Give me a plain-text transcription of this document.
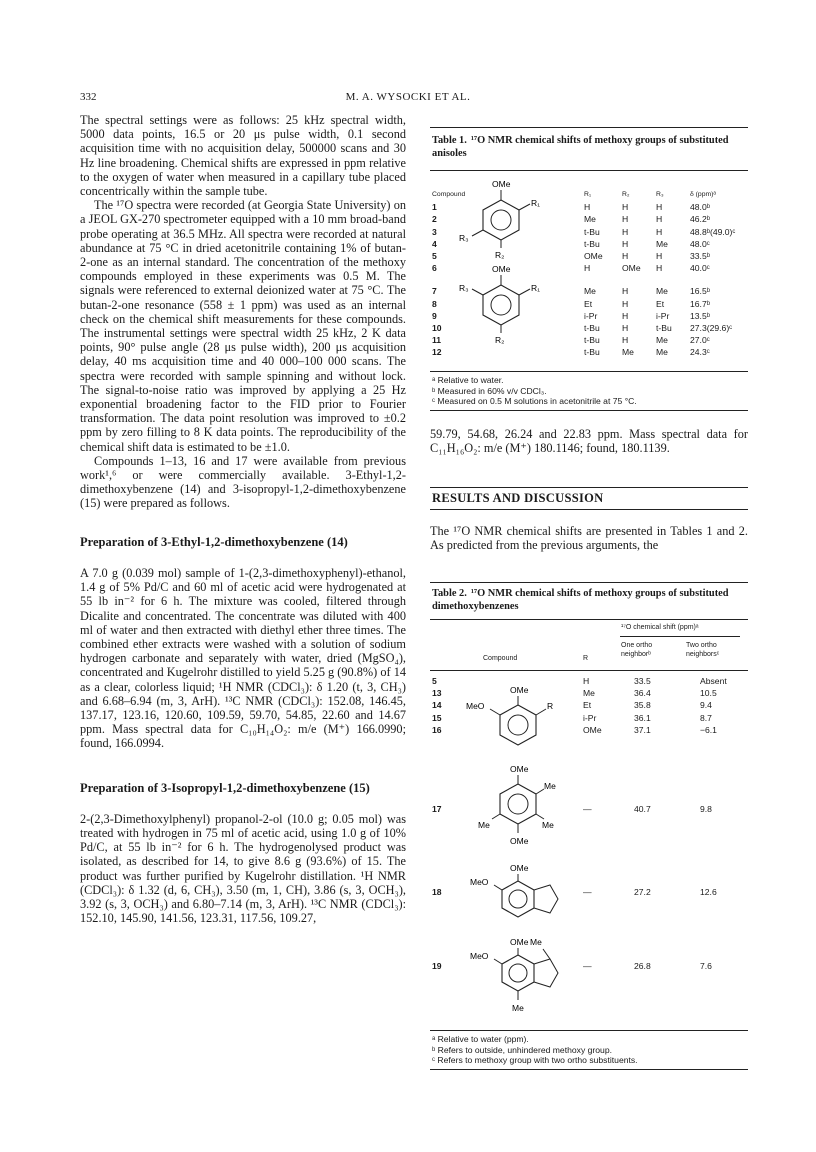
332	M. A. WYSOCKI ET AL.

The spectral settings were as follows: 25 kHz spectral width, 5000 data points, 16.5 or 20 μs pulse width, 0.1 second acquisition time with no acquisition delay, 500000 scans and 30 Hz line broadening. Chemical shifts are expressed in ppm relative to the oxygen of water when measured in a capillary tube placed concentrically within the sample tube.

The ¹⁷O spectra were recorded (at Georgia State University) on a JEOL GX-270 spectrometer equipped with a 10 mm broad-band probe operating at 36.5 MHz. All spectra were recorded at natural abundance at 75 °C in dried acetonitrile containing 1% of butan-2-one as an internal standard. The concentration of the methoxy compounds employed in these experiments was 0.5 M. The signals were referenced to external deionized water at 75 °C. The butan-2-one resonance (558 ± 1 ppm) was used as an internal check on the chemical shift measurements for these compounds. The instrumental settings were spectral width 25 kHz, 2 K data points, 90° pulse angle (28 μs pulse width), 200 μs acquisition delay, 40 ms acquisition time and 40 000–100 000 scans. The spectra were recorded with sample spinning and without lock. The signal-to-noise ratio was improved by applying a 25 Hz exponential broadening factor to the FID prior to Fourier transformation. The data point resolution was improved to ±0.2 ppm by zero filling to 8 K data points. The reproducibility of the chemical shift data is estimated to be ±1.0.

Compounds 1–13, 16 and 17 were available from previous work¹,⁶ or were commercially available. 3-Ethyl-1,2-dimethoxybenzene (14) and 3-isopropyl-1,2-dimethoxybenzene (15) were prepared as follows.

Preparation of 3-Ethyl-1,2-dimethoxybenzene (14)

A 7.0 g (0.039 mol) sample of 1-(2,3-dimethoxyphenyl)-ethanol, 1.4 g of 5% Pd/C and 60 ml of acetic acid were hydrogenated at 55 lb in⁻² for 6 h. The mixture was cooled, filtered through Dicalite and concentrated. The concentrate was diluted with 400 ml of water and then extracted with diethyl ether three times. The combined ether extracts were washed with a solution of sodium hydrogen carbonate and separately with water, dried (MgSO₄), concentrated and Kugelrohr distilled to yield 5.25 g (90.8%) of 14 as a clear, colorless liquid; ¹H NMR (CDCl₃): δ 1.20 (t, 3, CH₃) and 6.68–6.94 (m, 3, ArH). ¹³C NMR (CDCl₃): 152.08, 146.45, 137.17, 123.16, 120.60, 109.59, 59.70, 54.85, 22.60 and 14.67 ppm. Mass spectral data for C₁₀H₁₄O₂: m/e (M⁺) 166.0990; found, 166.0994.

Preparation of 3-Isopropyl-1,2-dimethoxybenzene (15)

2-(2,3-Dimethoxylphenyl) propanol-2-ol (10.0 g; 0.05 mol) was treated with hydrogen in 75 ml of acetic acid, using 1.0 g of 10% Pd/C, at 55 lb in⁻² for 6 h. The hydrogenolysed product was isolated, as described for 14, to give 8.6 g (93.6%) of 15. The product was further purified by Kugelrohr distillation. ¹H NMR (CDCl₃): δ 1.32 (d, 6, CH₃), 3.50 (m, 1, CH), 3.86 (s, 3, OCH₃), 3.92 (s, 3, OCH₃) and 6.80–7.14 (m, 3, ArH). ¹³C NMR (CDCl₃): 152.10, 145.90, 141.56, 123.31, 117.56, 109.27,

Table 1. ¹⁷O NMR chemical shifts of methoxy groups of substituted anisoles
Compound		R₁	R₂	R₃	δ (ppm)ᵃ
1		H	H	H	48.0ᵇ
2		Me	H	H	46.2ᵇ
3		t-Bu	H	H	48.8ᵇ(49.0)ᶜ
4		t-Bu	H	Me	48.0ᶜ
5		OMe	H	H	33.5ᵇ
6		H	OMe	H	40.0ᶜ

7		Me	H	Me	16.5ᵇ
8		Et	H	Et	16.7ᵇ
9		i-Pr	H	i-Pr	13.5ᵇ
10		t-Bu	H	t-Bu	27.3(29.6)ᶜ
11		t-Bu	H	Me	27.0ᶜ
12		t-Bu	Me	Me	24.3ᶜ
OMe
R₁
R₃
R₂
OMe
R₁
R₃
R₂
ᵃ Relative to water.
ᵇ Measured in 60% v/v CDCl₃.
ᶜ Measured on 0.5 M solutions in acetonitrile at 75 °C.

59.79, 54.68, 26.24 and 22.83 ppm. Mass spectral data for C₁₁H₁₆O₂: m/e (M⁺) 180.1146; found, 180.1139.

RESULTS AND DISCUSSION

The ¹⁷O NMR chemical shifts are presented in Tables 1 and 2. As predicted from the previous arguments, the

Table 2. ¹⁷O NMR chemical shifts of methoxy groups of substituted dimethoxybenzenes
¹⁷O chemical shift (ppm)ᵃ
Compound	R
One ortho neighborᵇ
Two ortho neighborsᶜ
5	H	33.5	Absent
13	Me	36.4	10.5
14	Et	35.8	9.4
15	i-Pr	36.1	8.7
16	OMe	37.1	−6.1
OMe
MeO	R
17	—	40.7	9.8
OMe
Me
Me
Me
OMe
18	—	27.2	12.6
OMe
MeO
19	—	26.8	7.6
OMe Me
MeO
Me
ᵃ Relative to water (ppm).
ᵇ Refers to outside, unhindered methoxy group.
ᶜ Refers to methoxy group with two ortho substituents.
